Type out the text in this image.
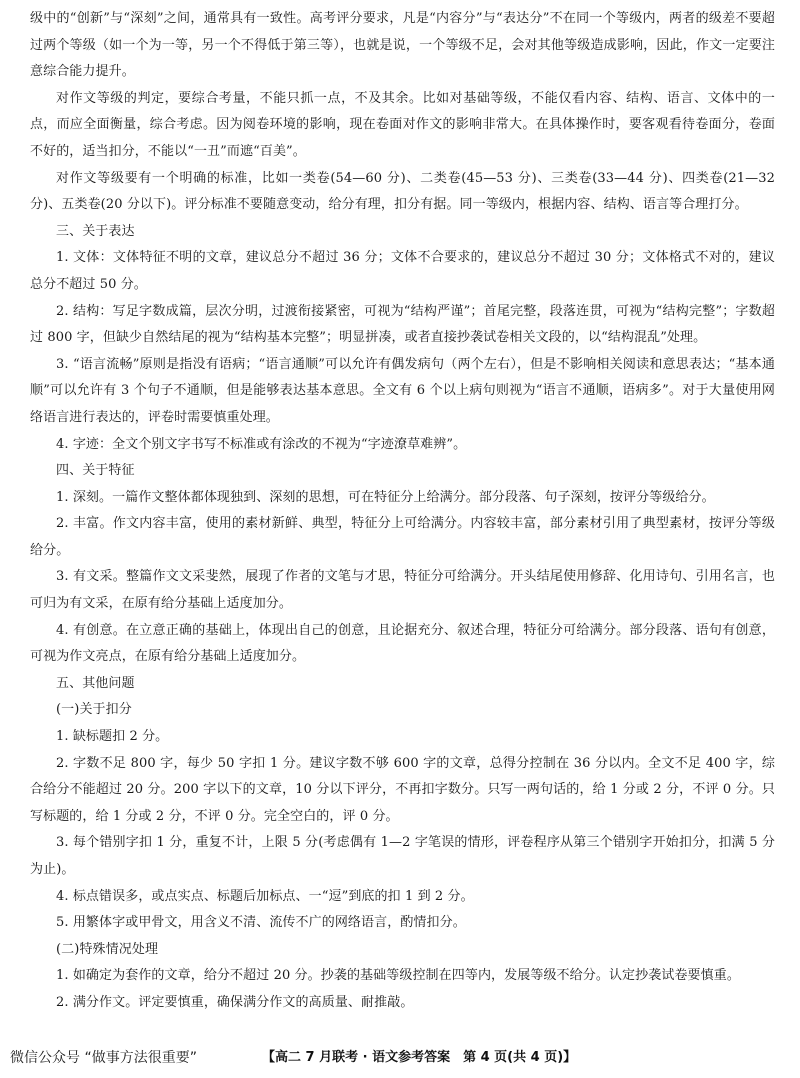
级中的“创新”与“深刻”之间，通常具有一致性。高考评分要求，凡是“内容分”与“表达分”不在同一个等级内，两者的级差不要超过两个等级（如一个为一等，另一个不得低于第三等），也就是说，一个等级不足，会对其他等级造成影响，因此，作文一定要注意综合能力提升。

对作文等级的判定，要综合考量，不能只抓一点，不及其余。比如对基础等级，不能仅看内容、结构、语言、文体中的一点，而应全面衡量，综合考虑。因为阅卷环境的影响，现在卷面对作文的影响非常大。在具体操作时，要客观看待卷面分，卷面不好的，适当扣分，不能以“一丑”而遮“百美”。

对作文等级要有一个明确的标准，比如一类卷(54—60 分)、二类卷(45—53 分)、三类卷(33—44 分)、四类卷(21—32 分)、五类卷(20 分以下)。评分标准不要随意变动，给分有理，扣分有据。同一等级内，根据内容、结构、语言等合理打分。

三、关于表达

1. 文体：文体特征不明的文章，建议总分不超过 36 分；文体不合要求的，建议总分不超过 30 分；文体格式不对的，建议总分不超过 50 分。

2. 结构：写足字数成篇，层次分明，过渡衔接紧密，可视为“结构严谨”；首尾完整，段落连贯，可视为“结构完整”；字数超过 800 字，但缺少自然结尾的视为“结构基本完整”；明显拼凑，或者直接抄袭试卷相关文段的，以“结构混乱”处理。

3. “语言流畅”原则是指没有语病；“语言通顺”可以允许有偶发病句（两个左右），但是不影响相关阅读和意思表达；“基本通顺”可以允许有 3 个句子不通顺，但是能够表达基本意思。全文有 6 个以上病句则视为“语言不通顺，语病多”。对于大量使用网络语言进行表达的，评卷时需要慎重处理。

4. 字迹：全文个别文字书写不标准或有涂改的不视为“字迹潦草难辨”。

四、关于特征

1. 深刻。一篇作文整体都体现独到、深刻的思想，可在特征分上给满分。部分段落、句子深刻，按评分等级给分。

2. 丰富。作文内容丰富，使用的素材新鲜、典型，特征分上可给满分。内容较丰富，部分素材引用了典型素材，按评分等级给分。

3. 有文采。整篇作文文采斐然，展现了作者的文笔与才思，特征分可给满分。开头结尾使用修辞、化用诗句、引用名言，也可归为有文采，在原有给分基础上适度加分。

4. 有创意。在立意正确的基础上，体现出自己的创意，且论据充分、叙述合理，特征分可给满分。部分段落、语句有创意，可视为作文亮点，在原有给分基础上适度加分。

五、其他问题

(一)关于扣分

1. 缺标题扣 2 分。

2. 字数不足 800 字，每少 50 字扣 1 分。建议字数不够 600 字的文章，总得分控制在 36 分以内。全文不足 400 字，综合给分不能超过 20 分。200 字以下的文章，10 分以下评分，不再扣字数分。只写一两句话的，给 1 分或 2 分，不评 0 分。只写标题的，给 1 分或 2 分，不评 0 分。完全空白的，评 0 分。

3. 每个错别字扣 1 分，重复不计，上限 5 分(考虑偶有 1—2 字笔误的情形，评卷程序从第三个错别字开始扣分，扣满 5 分为止)。

4. 标点错误多，或点实点、标题后加标点、一“逗”到底的扣 1 到 2 分。

5. 用繁体字或甲骨文，用含义不清、流传不广的网络语言，酌情扣分。

(二)特殊情况处理

1. 如确定为套作的文章，给分不超过 20 分。抄袭的基础等级控制在四等内，发展等级不给分。认定抄袭试卷要慎重。

2. 满分作文。评定要慎重，确保满分作文的高质量、耐推敲。

微信公众号 “做事方法很重要”	【高二 7 月联考 · 语文参考答案　第 4 页(共 4 页)】
